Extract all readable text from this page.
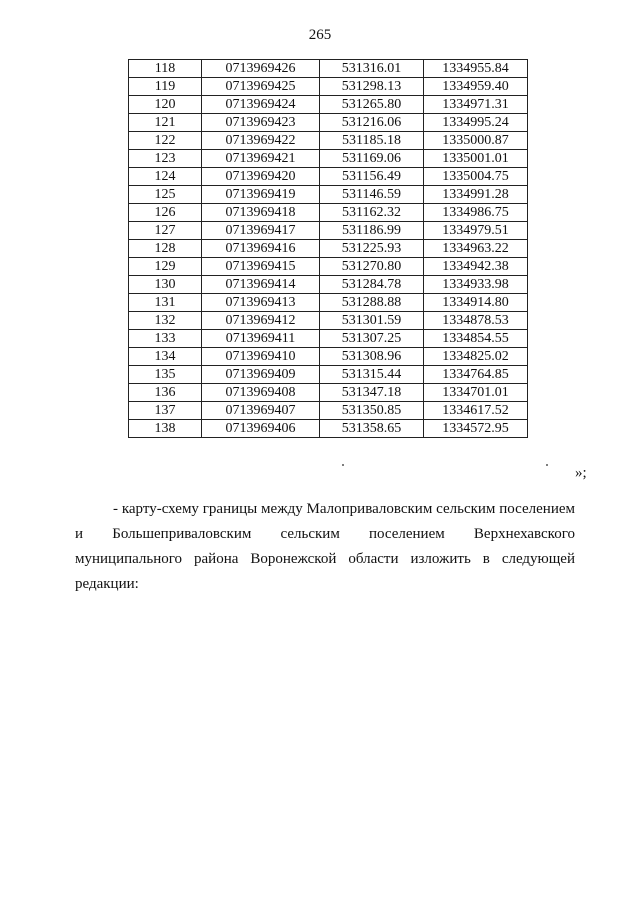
265
118	0713969426	531316.01	1334955.84
119	0713969425	531298.13	1334959.40
120	0713969424	531265.80	1334971.31
121	0713969423	531216.06	1334995.24
122	0713969422	531185.18	1335000.87
123	0713969421	531169.06	1335001.01
124	0713969420	531156.49	1335004.75
125	0713969419	531146.59	1334991.28
126	0713969418	531162.32	1334986.75
127	0713969417	531186.99	1334979.51
128	0713969416	531225.93	1334963.22
129	0713969415	531270.80	1334942.38
130	0713969414	531284.78	1334933.98
131	0713969413	531288.88	1334914.80
132	0713969412	531301.59	1334878.53
133	0713969411	531307.25	1334854.55
134	0713969410	531308.96	1334825.02
135	0713969409	531315.44	1334764.85
136	0713969408	531347.18	1334701.01
137	0713969407	531350.85	1334617.52
138	0713969406	531358.65	1334572.95
»;
- карту-схему границы между Малоприваловским сельским поселением и Большеприваловским сельским поселением Верхнехавского муниципального района Воронежской области изложить в следующей редакции:
